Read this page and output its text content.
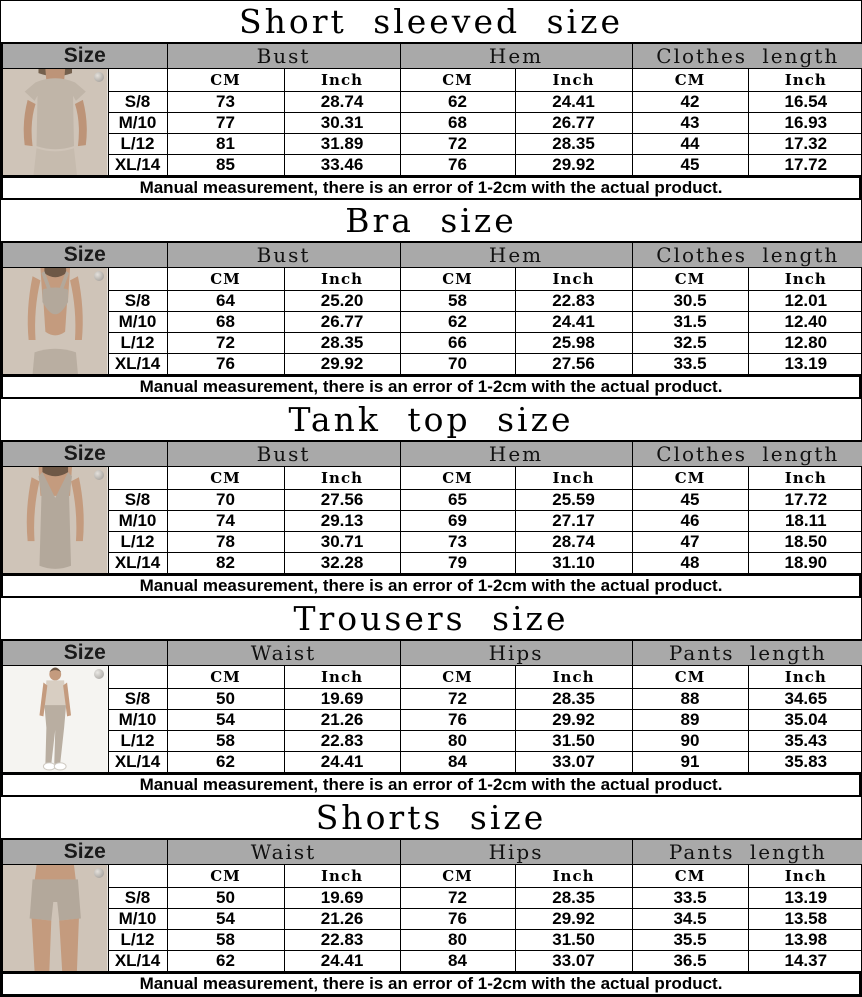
Short sleeved size
Size		Bust		Hem		Clothes length	

		CM	Inch	CM	Inch	CM	Inch
	S/8	73	28.74	62	24.41	42	16.54
	M/10	77	30.31	68	26.77	43	16.93
	L/12	81	31.89	72	28.35	44	17.32
	XL/14	85	33.46	76	29.92	45	17.72
Manual measurement, there is an error of 1-2cm with the actual product.
Bra size
Size		Bust		Hem		Clothes length	

		CM	Inch	CM	Inch	CM	Inch
	S/8	64	25.20	58	22.83	30.5	12.01
	M/10	68	26.77	62	24.41	31.5	12.40
	L/12	72	28.35	66	25.98	32.5	12.80
	XL/14	76	29.92	70	27.56	33.5	13.19
Manual measurement, there is an error of 1-2cm with the actual product.
Tank top size
Size		Bust		Hem		Clothes length	

		CM	Inch	CM	Inch	CM	Inch
	S/8	70	27.56	65	25.59	45	17.72
	M/10	74	29.13	69	27.17	46	18.11
	L/12	78	30.71	73	28.74	47	18.50
	XL/14	82	32.28	79	31.10	48	18.90
Manual measurement, there is an error of 1-2cm with the actual product.
Trousers size
Size		Waist		Hips		Pants length	

		CM	Inch	CM	Inch	CM	Inch
	S/8	50	19.69	72	28.35	88	34.65
	M/10	54	21.26	76	29.92	89	35.04
	L/12	58	22.83	80	31.50	90	35.43
	XL/14	62	24.41	84	33.07	91	35.83
Manual measurement, there is an error of 1-2cm with the actual product.
Shorts size
Size		Waist		Hips		Pants length	

		CM	Inch	CM	Inch	CM	Inch
	S/8	50	19.69	72	28.35	33.5	13.19
	M/10	54	21.26	76	29.92	34.5	13.58
	L/12	58	22.83	80	31.50	35.5	13.98
	XL/14	62	24.41	84	33.07	36.5	14.37
Manual measurement, there is an error of 1-2cm with the actual product.
